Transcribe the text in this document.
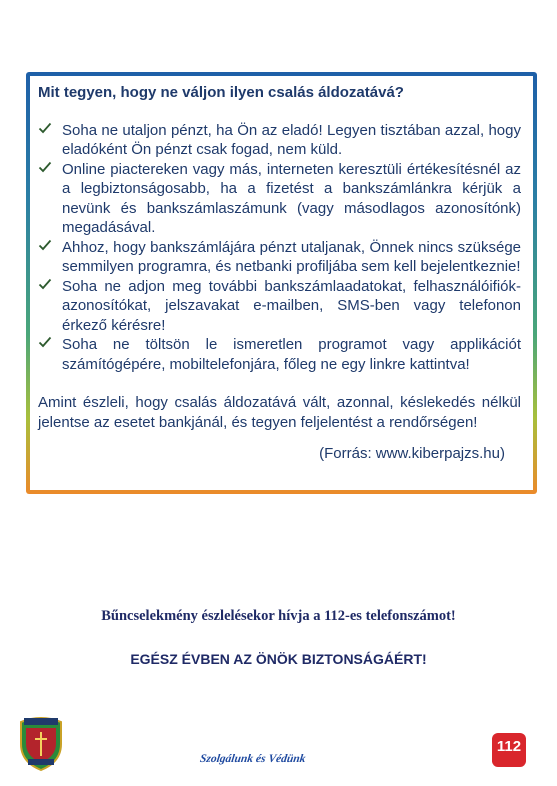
Mit tegyen, hogy ne váljon ilyen csalás áldozatává?
Soha ne utaljon pénzt, ha Ön az eladó! Legyen tisztában azzal, hogy eladóként Ön pénzt csak fogad, nem küld.
Online piactereken vagy más, interneten keresztüli értékesítésnél az a legbiztonságosabb, ha a fizetést a bankszámlánkra kérjük a nevünk és bankszámlaszámunk (vagy másodlagos azonosítónk) megadásával.
Ahhoz, hogy bankszámlájára pénzt utaljanak, Önnek nincs szüksége semmilyen programra, és netbanki profiljába sem kell bejelentkeznie!
Soha ne adjon meg további bankszámlaadatokat, felhasználóifiók-azonosítókat, jelszavakat e-mailben, SMS-ben vagy telefonon érkező kérésre!
Soha ne töltsön le ismeretlen programot vagy applikációt számítógépére, mobiltelefonjára, főleg ne egy linkre kattintva!
Amint észleli, hogy csalás áldozatává vált, azonnal, késlekedés nélkül jelentse az esetet bankjánál, és tegyen feljelentést a rendőrségen!
(Forrás: www.kiberpajzs.hu)
Bűncselekmény észlelésekor hívja a 112-es telefonszámot!
EGÉSZ ÉVBEN AZ ÖNÖK BIZTONSÁGÁÉRT!
Szolgálunk és Védünk
112
